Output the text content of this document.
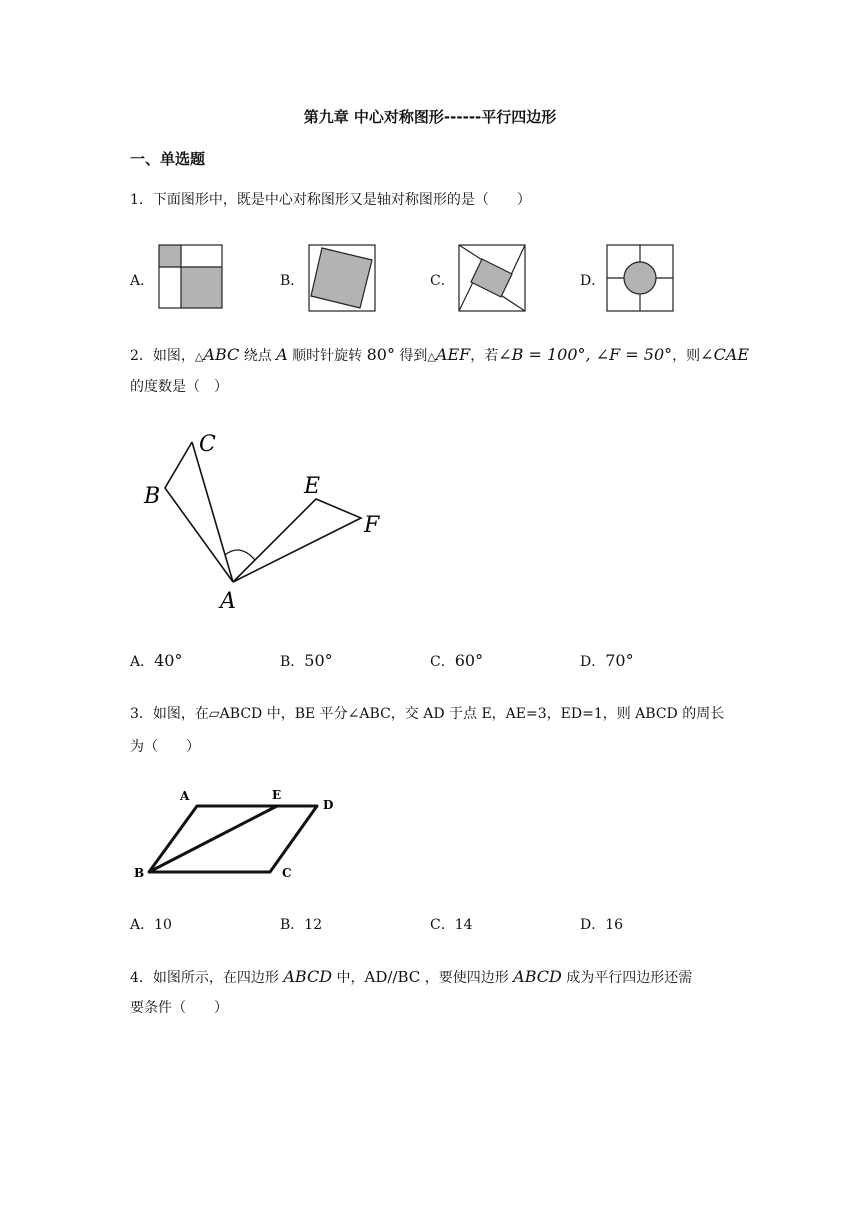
第九章 中心对称图形------平行四边形
一、单选题
1．下面图形中，既是中心对称图形又是轴对称图形的是（　　）
A．	B．	C．	D．
2．如图，△ABC 绕点 A 顺时针旋转 80° 得到△AEF，若∠B = 100°, ∠F = 50°，则∠CAE
的度数是（　）
C
B	E
F
A
A．40°	B．50°	C．60°	D．70°
3．如图，在▱ABCD 中，BE 平分∠ABC，交 AD 于点 E，AE=3，ED=1，则 ABCD 的周长
为（　　）
A	E
D
B	C
A．10	B．12	C．14	D．16
4．如图所示，在四边形 ABCD 中，AD//BC ，要使四边形 ABCD 成为平行四边形还需
要条件（　　）
